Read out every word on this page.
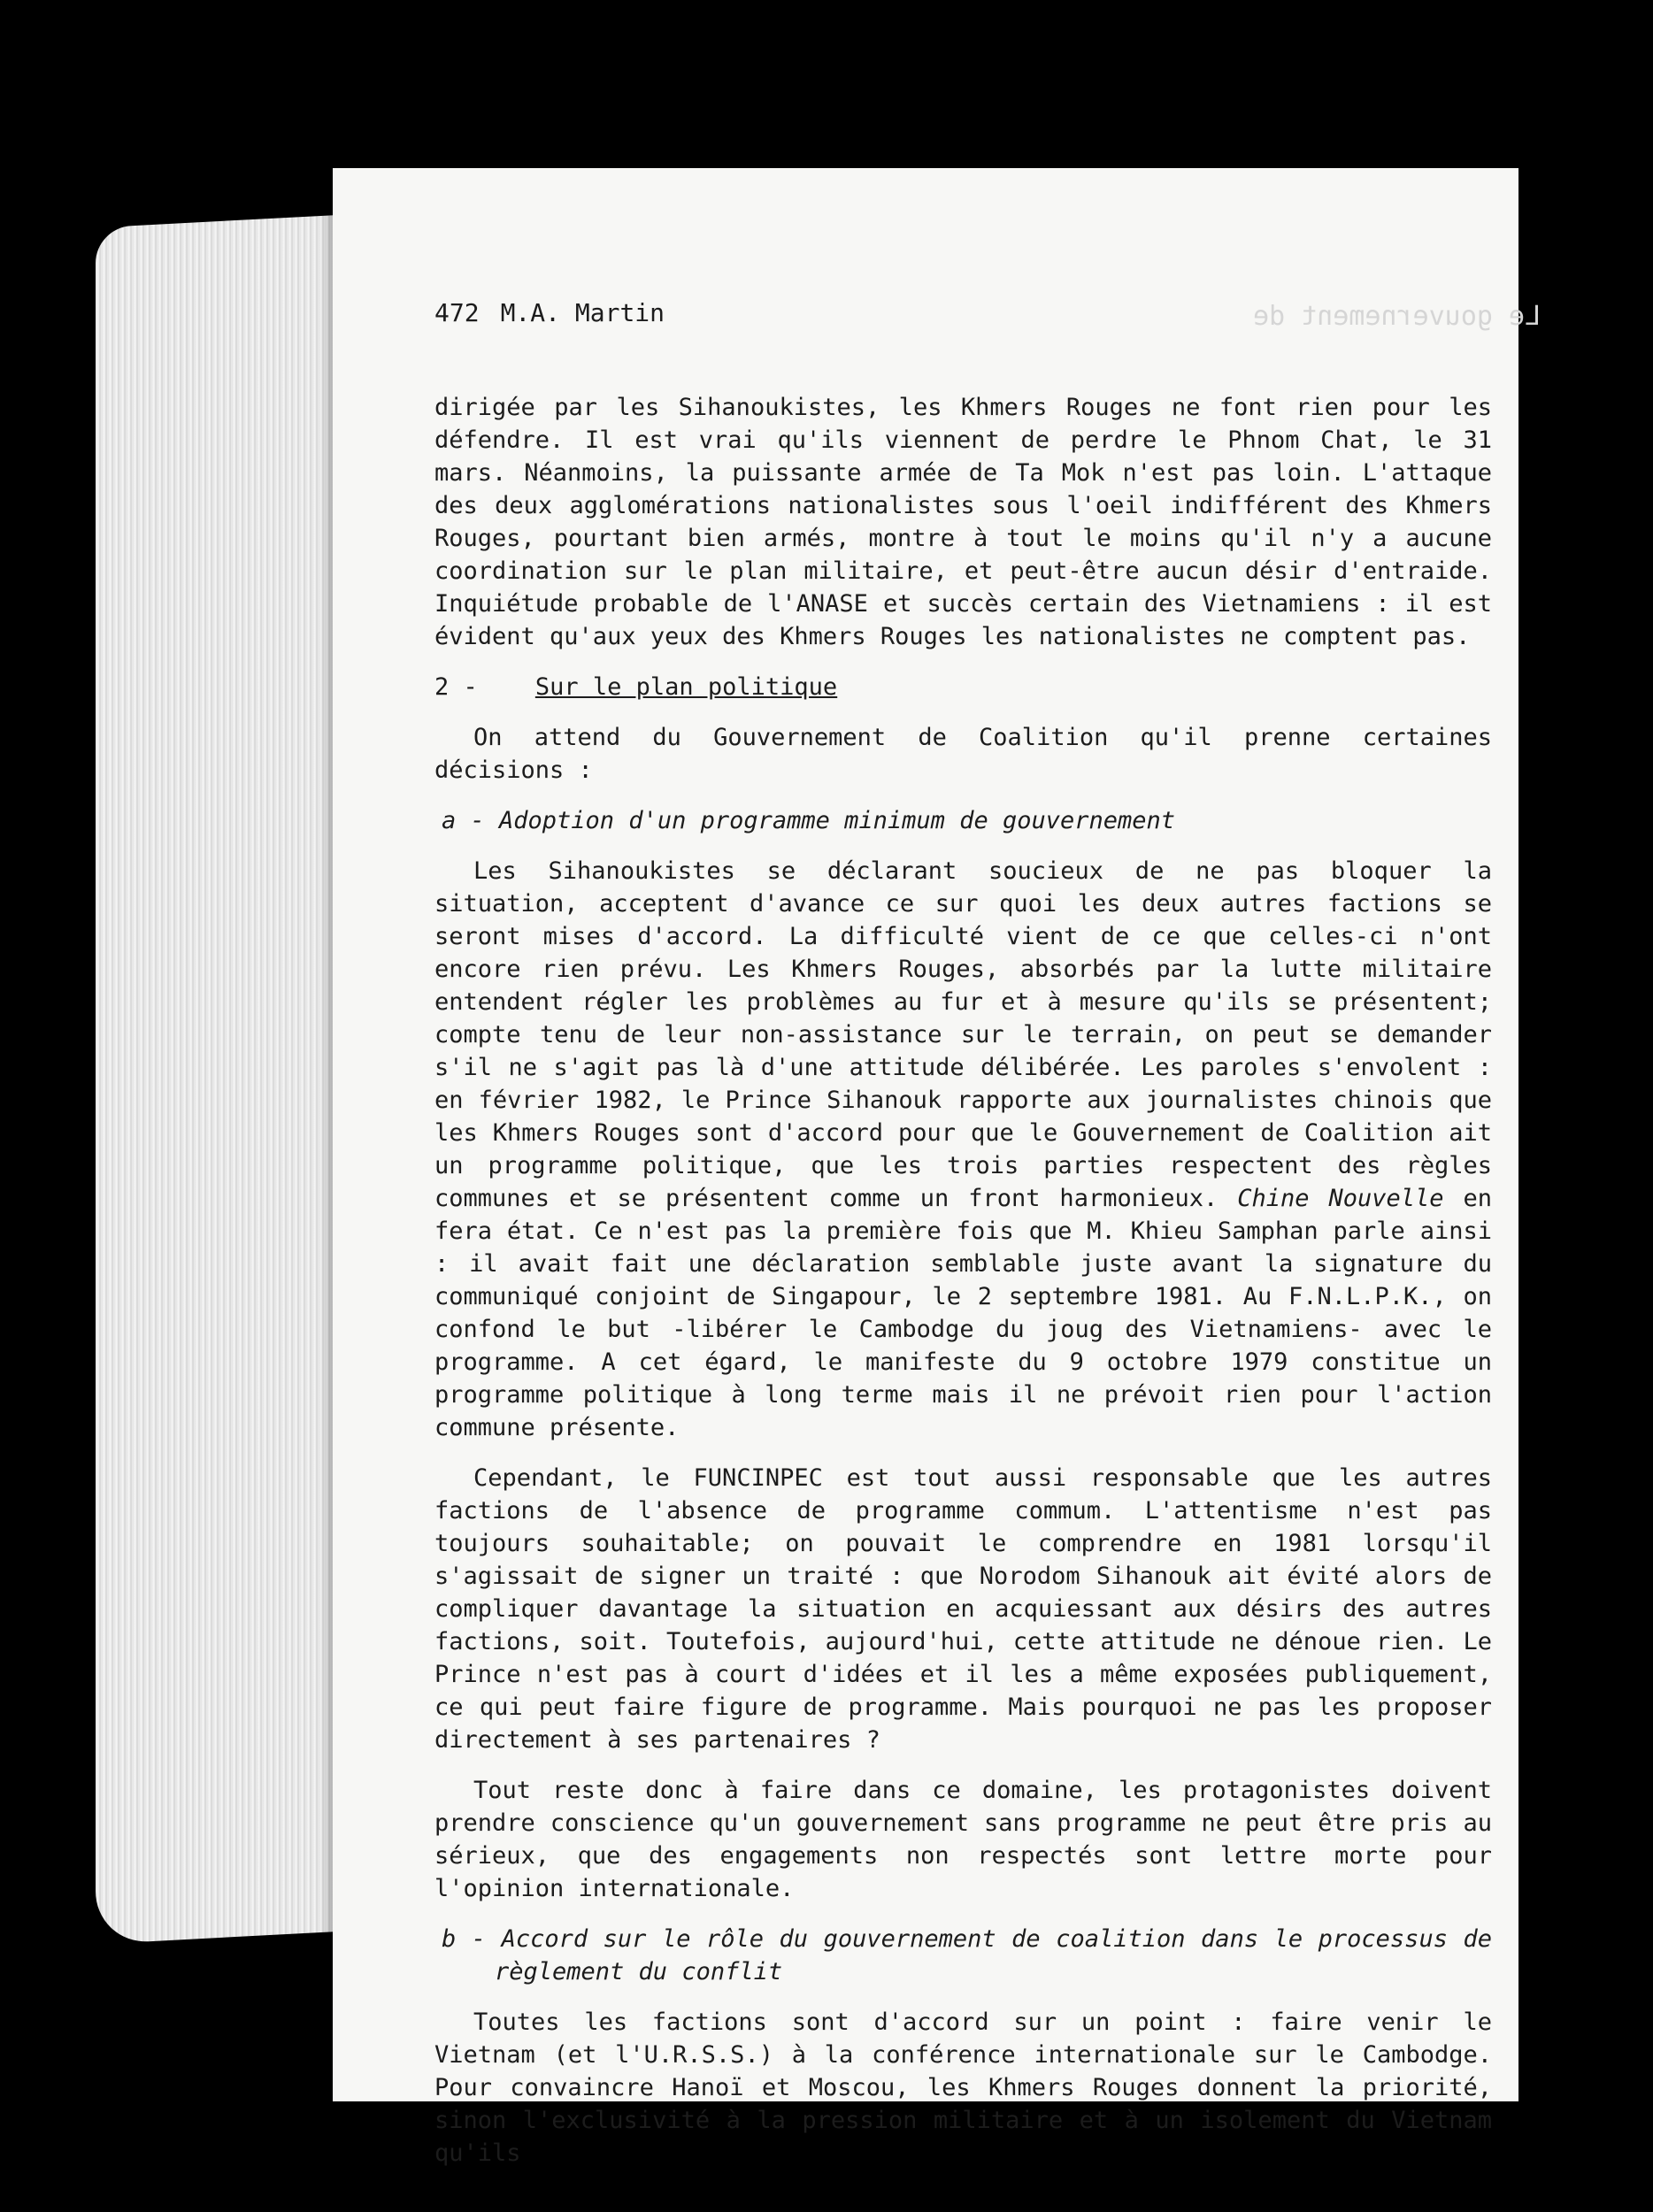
Le gouvernement de
472 M.A. Martin

dirigée par les Sihanoukistes, les Khmers Rouges ne font rien pour les défendre. Il est vrai qu'ils viennent de perdre le Phnom Chat, le 31 mars. Néanmoins, la puissante armée de Ta Mok n'est pas loin. L'attaque des deux agglomérations nationalistes sous l'oeil indifférent des Khmers Rouges, pourtant bien armés, montre à tout le moins qu'il n'y a aucune coordination sur le plan militaire, et peut-être aucun désir d'entraide. Inquiétude probable de l'ANASE et succès certain des Vietnamiens : il est évident qu'aux yeux des Khmers Rouges les nationalistes ne comptent pas.

2 - Sur le plan politique

On attend du Gouvernement de Coalition qu'il prenne certaines décisions :

a - Adoption d'un programme minimum de gouvernement

Les Sihanoukistes se déclarant soucieux de ne pas bloquer la situation, acceptent d'avance ce sur quoi les deux autres factions se seront mises d'accord. La difficulté vient de ce que celles-ci n'ont encore rien prévu. Les Khmers Rouges, absorbés par la lutte militaire entendent régler les problèmes au fur et à mesure qu'ils se présentent; compte tenu de leur non-assistance sur le terrain, on peut se demander s'il ne s'agit pas là d'une attitude délibérée. Les paroles s'envolent : en février 1982, le Prince Sihanouk rapporte aux journalistes chinois que les Khmers Rouges sont d'accord pour que le Gouvernement de Coalition ait un programme politique, que les trois parties respectent des règles communes et se présentent comme un front harmonieux. Chine Nouvelle en fera état. Ce n'est pas la première fois que M. Khieu Samphan parle ainsi : il avait fait une déclaration semblable juste avant la signature du communiqué conjoint de Singapour, le 2 septembre 1981. Au F.N.L.P.K., on confond le but -libérer le Cambodge du joug des Vietnamiens- avec le programme. A cet égard, le manifeste du 9 octobre 1979 constitue un programme politique à long terme mais il ne prévoit rien pour l'action commune présente.

Cependant, le FUNCINPEC est tout aussi responsable que les autres factions de l'absence de programme commum. L'attentisme n'est pas toujours souhaitable; on pouvait le comprendre en 1981 lorsqu'il s'agissait de signer un traité : que Norodom Sihanouk ait évité alors de compliquer davantage la situation en acquiessant aux désirs des autres factions, soit. Toutefois, aujourd'hui, cette attitude ne dénoue rien. Le Prince n'est pas à court d'idées et il les a même exposées publiquement, ce qui peut faire figure de programme. Mais pourquoi ne pas les proposer directement à ses partenaires ?

Tout reste donc à faire dans ce domaine, les protagonistes doivent prendre conscience qu'un gouvernement sans programme ne peut être pris au sérieux, que des engagements non respectés sont lettre morte pour l'opinion internationale.

b - Accord sur le rôle du gouvernement de coalition dans le processus de règlement du conflit

Toutes les factions sont d'accord sur un point : faire venir le Vietnam (et l'U.R.S.S.) à la conférence internationale sur le Cambodge. Pour convaincre Hanoï et Moscou, les Khmers Rouges donnent la priorité, sinon l'exclusivité à la pression militaire et à un isolement du Vietnam qu'ils
